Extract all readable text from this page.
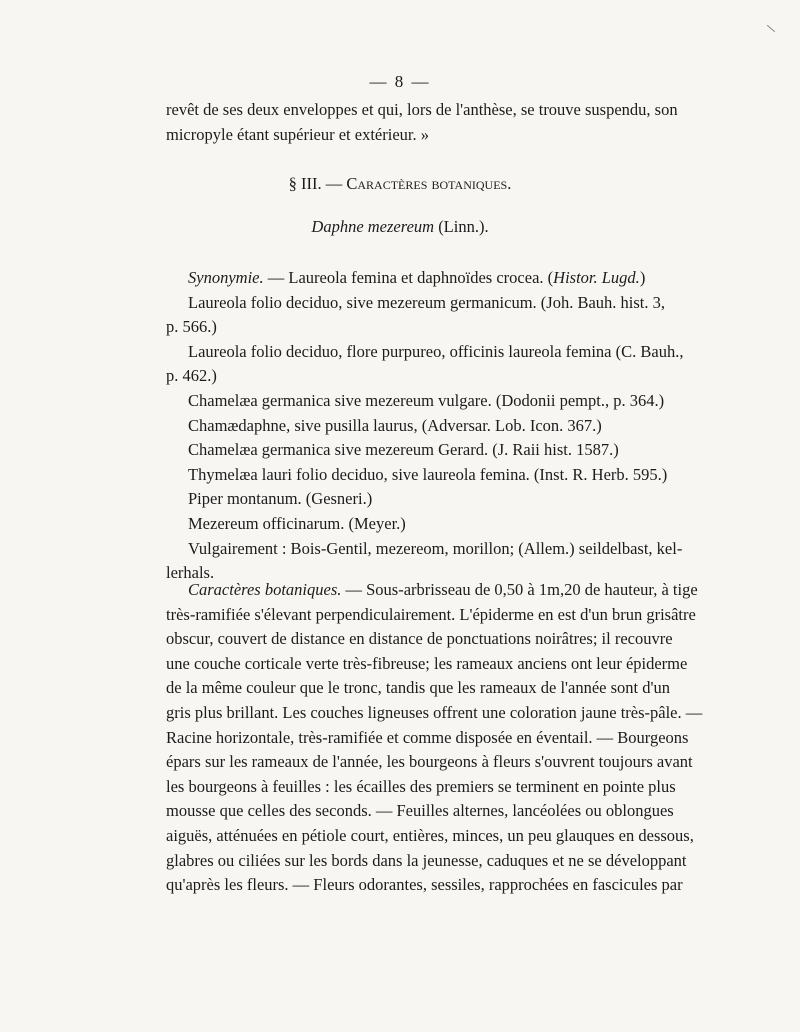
— 8 —

revêt de ses deux enveloppes et qui, lors de l'anthèse, se trouve suspendu, son

micropyle étant supérieur et extérieur. »

§ III. — Caractères botaniques.
Daphne mezereum (Linn.).

Synonymie. — Laureola femina et daphnoïdes crocea. (Histor. Lugd.)

Laureola folio deciduo, sive mezereum germanicum. (Joh. Bauh. hist. 3,

p. 566.)

Laureola folio deciduo, flore purpureo, officinis laureola femina (C. Bauh.,

p. 462.)

Chamelæa germanica sive mezereum vulgare. (Dodonii pempt., p. 364.)

Chamædaphne, sive pusilla laurus, (Adversar. Lob. Icon. 367.)

Chamelæa germanica sive mezereum Gerard. (J. Raii hist. 1587.)

Thymelæa lauri folio deciduo, sive laureola femina. (Inst. R. Herb. 595.)

Piper montanum. (Gesneri.)

Mezereum officinarum. (Meyer.)

Vulgairement : Bois-Gentil, mezereom, morillon; (Allem.) seildelbast, kel-

lerhals.

Caractères botaniques. — Sous-arbrisseau de 0,50 à 1m,20 de hauteur, à tige

très-ramifiée s'élevant perpendiculairement. L'épiderme en est d'un brun grisâtre

obscur, couvert de distance en distance de ponctuations noirâtres; il recouvre

une couche corticale verte très-fibreuse; les rameaux anciens ont leur épiderme

de la même couleur que le tronc, tandis que les rameaux de l'année sont d'un

gris plus brillant. Les couches ligneuses offrent une coloration jaune très-pâle. —

Racine horizontale, très-ramifiée et comme disposée en éventail. — Bourgeons

épars sur les rameaux de l'année, les bourgeons à fleurs s'ouvrent toujours avant

les bourgeons à feuilles : les écailles des premiers se terminent en pointe plus

mousse que celles des seconds. — Feuilles alternes, lancéolées ou oblongues

aiguës, atténuées en pétiole court, entières, minces, un peu glauques en dessous,

glabres ou ciliées sur les bords dans la jeunesse, caduques et ne se développant

qu'après les fleurs. — Fleurs odorantes, sessiles, rapprochées en fascicules par
